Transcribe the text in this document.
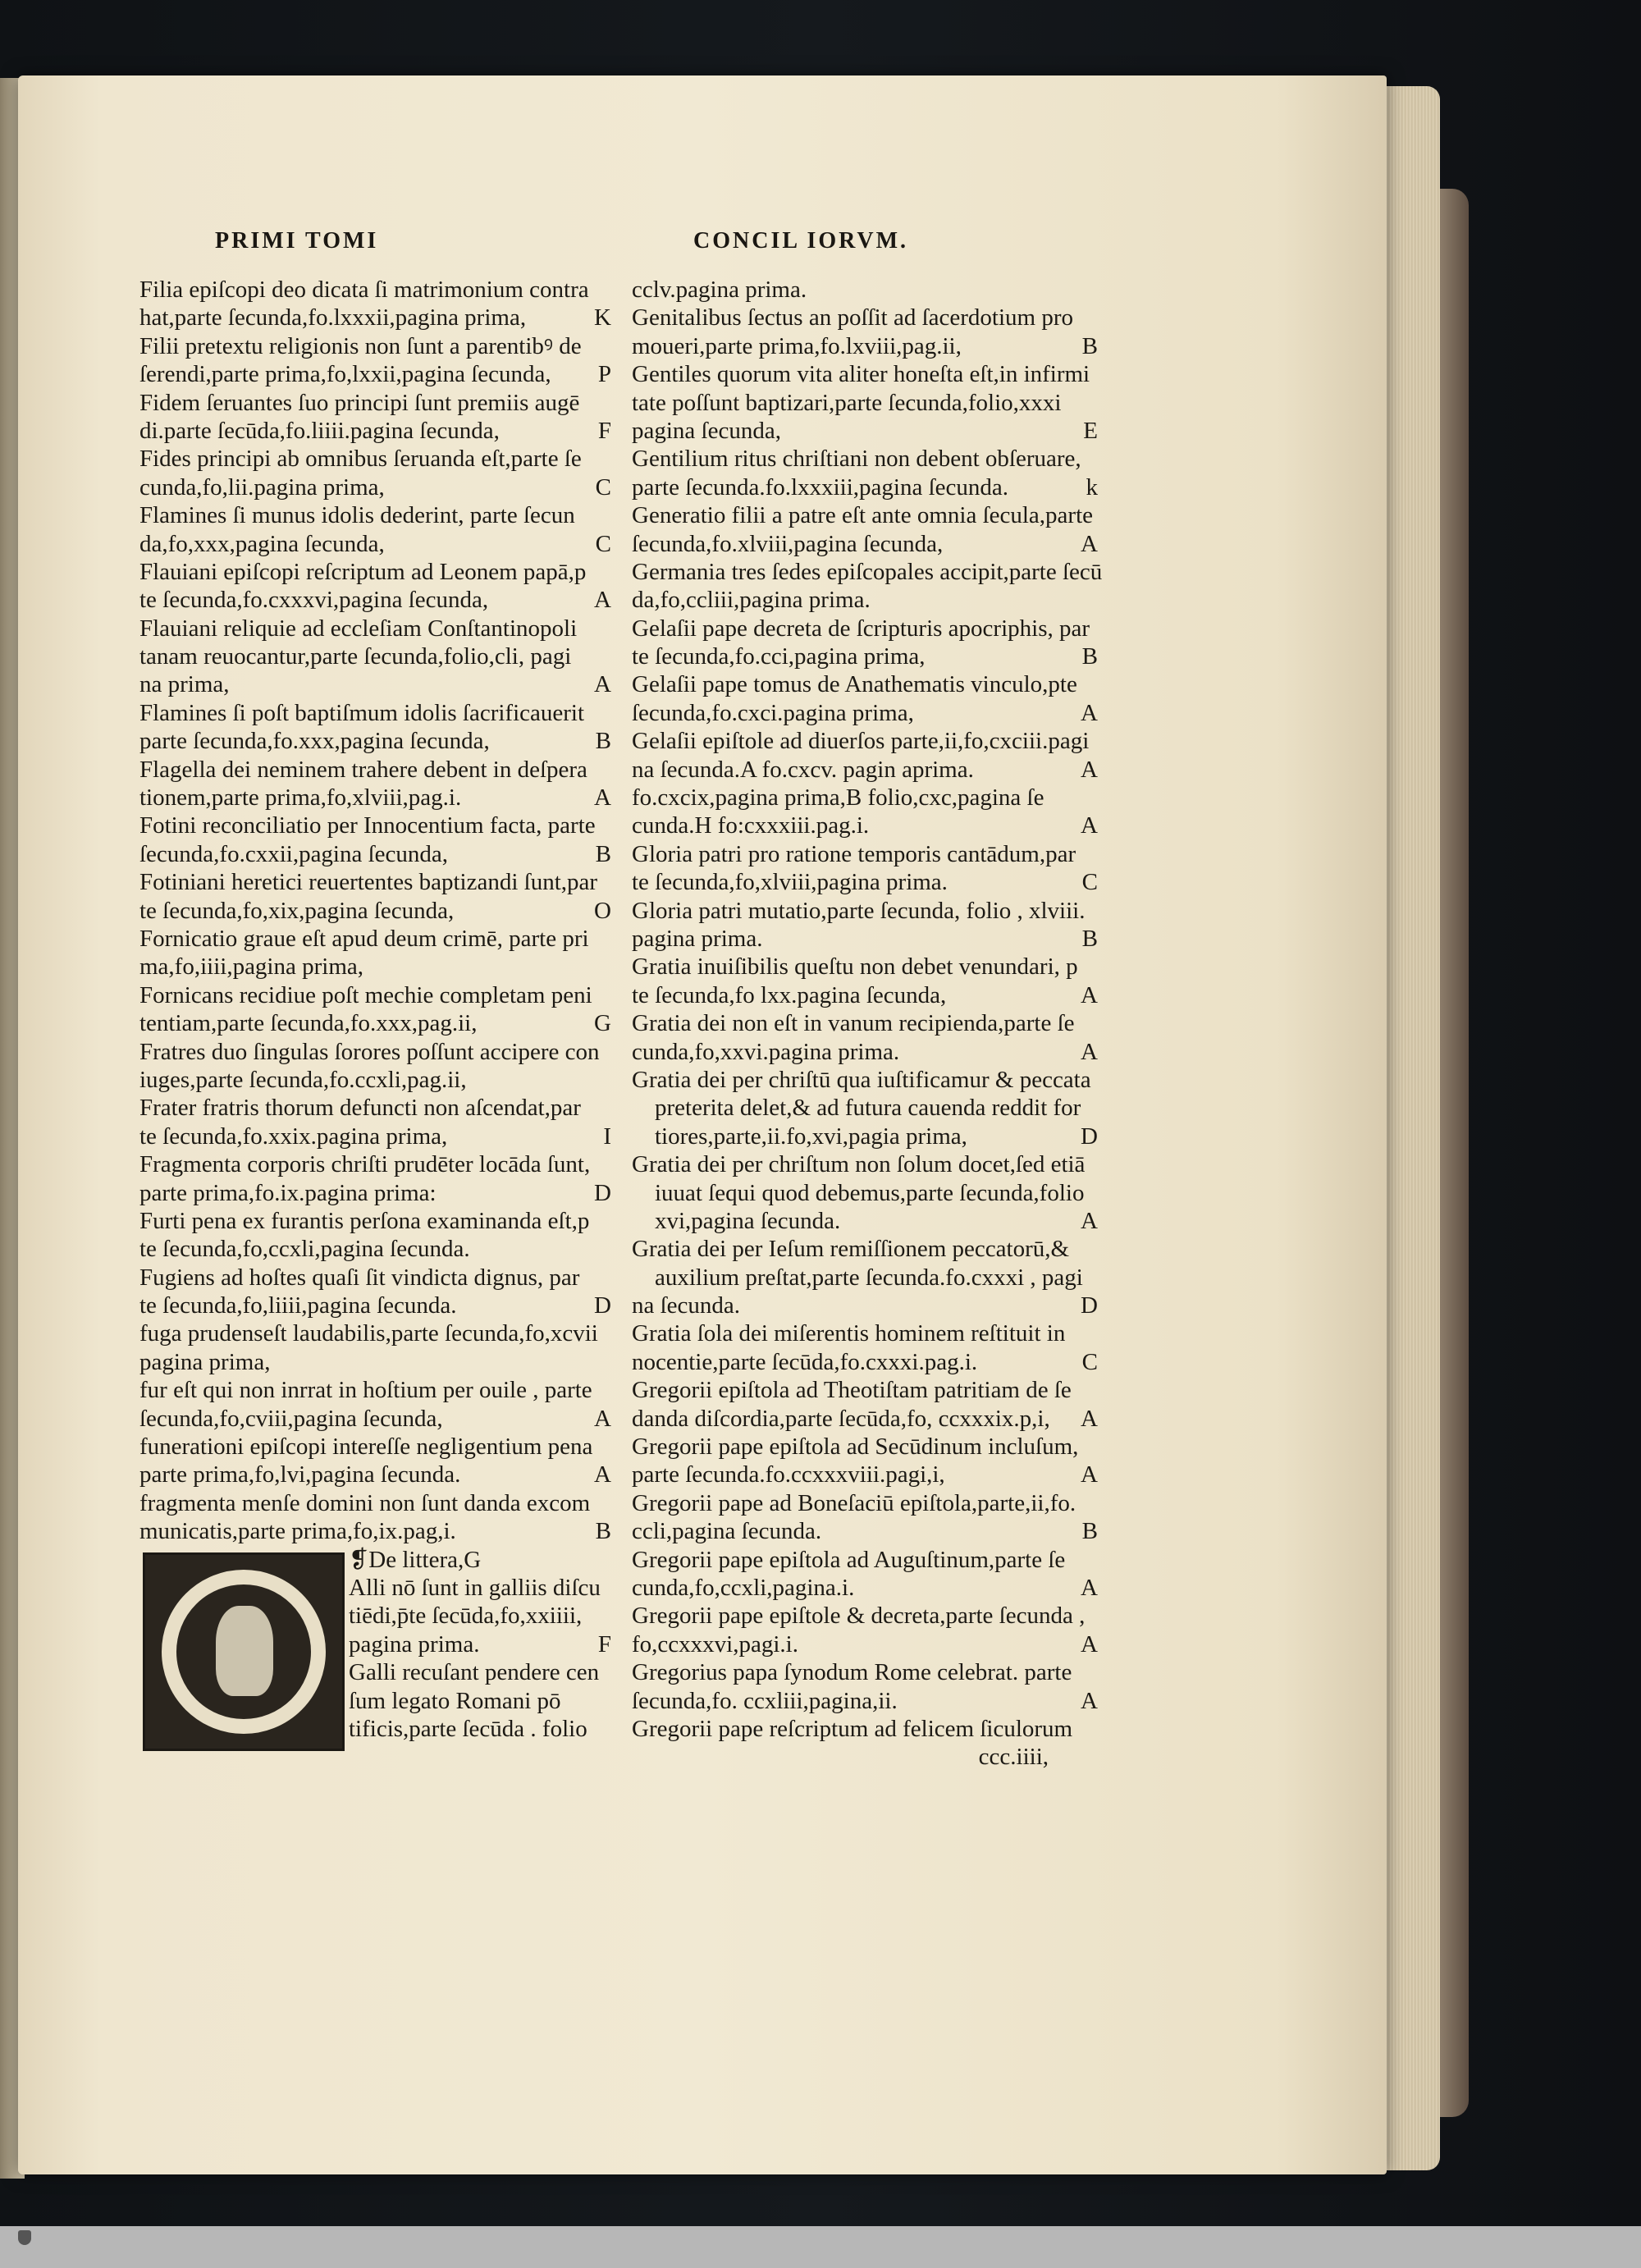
PRIMI TOMI	CONCIL IORVM.
Filia epiſcopi deo dicata ſi matrimonium contra
hat,parte ſecunda,fo.lxxxii,pagina prima,	K
Filii pretextu religionis non ſunt a parentibꝰ de
ſerendi,parte prima,fo,lxxii,pagina ſecunda, P
Fidem ſeruantes ſuo principi ſunt premiis augē
di.parte ſecūda,fo.liiii.pagina ſecunda,	F
Fides principi ab omnibus ſeruanda eſt,parte ſe
cunda,fo,lii.pagina prima,	C
Flamines ſi munus idolis dederint, parte ſecun
da,fo,xxx,pagina ſecunda,	C
Flauiani epiſcopi reſcriptum ad Leonem papā,p
te ſecunda,fo.cxxxvi,pagina ſecunda,	A
Flauiani reliquie ad eccleſiam Conſtantinopoli
tanam reuocantur,parte ſecunda,folio,cli, pagi
na prima,	A
Flamines ſi poſt baptiſmum idolis ſacrificauerit
parte ſecunda,fo.xxx,pagina ſecunda,	B
Flagella dei neminem trahere debent in deſpera
tionem,parte prima,fo,xlviii,pag.i.	A
Fotini reconciliatio per Innocentium facta, parte
ſecunda,fo.cxxii,pagina ſecunda,	B
Fotiniani heretici reuertentes baptizandi ſunt,par
te ſecunda,fo,xix,pagina ſecunda,	O
Fornicatio graue eſt apud deum crimē, parte pri
ma,fo,iiii,pagina prima,
Fornicans recidiue poſt mechie completam peni
tentiam,parte ſecunda,fo.xxx,pag.ii,	G
Fratres duo ſingulas ſorores poſſunt accipere con
iuges,parte ſecunda,fo.ccxli,pag.ii,
Frater fratris thorum defuncti non aſcendat,par
te ſecunda,fo.xxix.pagina prima,	I
Fragmenta corporis chriſti prudēter locāda ſunt,
parte prima,fo.ix.pagina prima:	D
Furti pena ex furantis perſona examinanda eſt,p
te ſecunda,fo,ccxli,pagina ſecunda.
Fugiens ad hoſtes quaſi ſit vindicta dignus, par
te ſecunda,fo,liiii,pagina ſecunda.	D
fuga prudenseſt laudabilis,parte ſecunda,fo,xcvii
pagina prima,
fur eſt qui non inrrat in hoſtium per ouile , parte
ſecunda,fo,cviii,pagina ſecunda,	A
funerationi epiſcopi intereſſe negligentium pena
parte prima,fo,lvi,pagina ſecunda.	A
fragmenta menſe domini non ſunt danda excom
municatis,parte prima,fo,ix.pag,i.	B
❡De littera,G
Alli nō ſunt in galliis diſcu
tiēdi,p̄te ſecūda,fo,xxiiii,
pagina prima.	F
Galli recuſant pendere cen
ſum legato Romani pō
tificis,parte ſecūda . folio
cclv.pagina prima.
Genitalibus ſectus an poſſit ad ſacerdotium pro
moueri,parte prima,fo.lxviii,pag.ii,	B
Gentiles quorum vita aliter honeſta eſt,in infirmi
tate poſſunt baptizari,parte ſecunda,folio,xxxi
pagina ſecunda,	E
Gentilium ritus chriſtiani non debent obſeruare,
parte ſecunda.fo.lxxxiii,pagina ſecunda.	k
Generatio filii a patre eſt ante omnia ſecula,parte
ſecunda,fo.xlviii,pagina ſecunda,	A
Germania tres ſedes epiſcopales accipit,parte ſecū
da,fo,ccliii,pagina prima.
Gelaſii pape decreta de ſcripturis apocriphis, par
te ſecunda,fo.cci,pagina prima,	B
Gelaſii pape tomus de Anathematis vinculo,pte
ſecunda,fo.cxci.pagina prima,	A
Gelaſii epiſtole ad diuerſos parte,ii,fo,cxciii.pagi
na ſecunda.A fo.cxcv. pagin aprima.	A
fo.cxcix,pagina prima,B folio,cxc,pagina ſe
cunda.H fo:cxxxiii.pag.i.	A
Gloria patri pro ratione temporis cantādum,par
te ſecunda,fo,xlviii,pagina prima.	C
Gloria patri mutatio,parte ſecunda, folio , xlviii.
pagina prima.	B
Gratia inuiſibilis queſtu non debet venundari, p
te ſecunda,fo lxx.pagina ſecunda,	A
Gratia dei non eſt in vanum recipienda,parte ſe
cunda,fo,xxvi.pagina prima.	A
Gratia dei per chriſtū qua iuſtificamur & peccata
preterita delet,& ad futura cauenda reddit for
tiores,parte,ii.fo,xvi,pagia prima,	D
Gratia dei per chriſtum non ſolum docet,ſed etiā
iuuat ſequi quod debemus,parte ſecunda,folio
xvi,pagina ſecunda.	A
Gratia dei per Ieſum remiſſionem peccatorū,&
auxilium preſtat,parte ſecunda.fo.cxxxi , pagi
na ſecunda.	D
Gratia ſola dei miſerentis hominem reſtituit in
nocentie,parte ſecūda,fo.cxxxi.pag.i.	C
Gregorii epiſtola ad Theotiſtam patritiam de ſe
danda diſcordia,parte ſecūda,fo, ccxxxix.p,i, A
Gregorii pape epiſtola ad Secūdinum incluſum,
parte ſecunda.fo.ccxxxviii.pagi,i,	A
Gregorii pape ad Boneſaciū epiſtola,parte,ii,fo.
ccli,pagina ſecunda.	B
Gregorii pape epiſtola ad Auguſtinum,parte ſe
cunda,fo,ccxli,pagina.i.	A
Gregorii pape epiſtole & decreta,parte ſecunda ,
fo,ccxxxvi,pagi.i.	A
Gregorius papa ſynodum Rome celebrat. parte
ſecunda,fo. ccxliii,pagina,ii.	A
Gregorii pape reſcriptum ad felicem ſiculorum
ccc.iiii,
